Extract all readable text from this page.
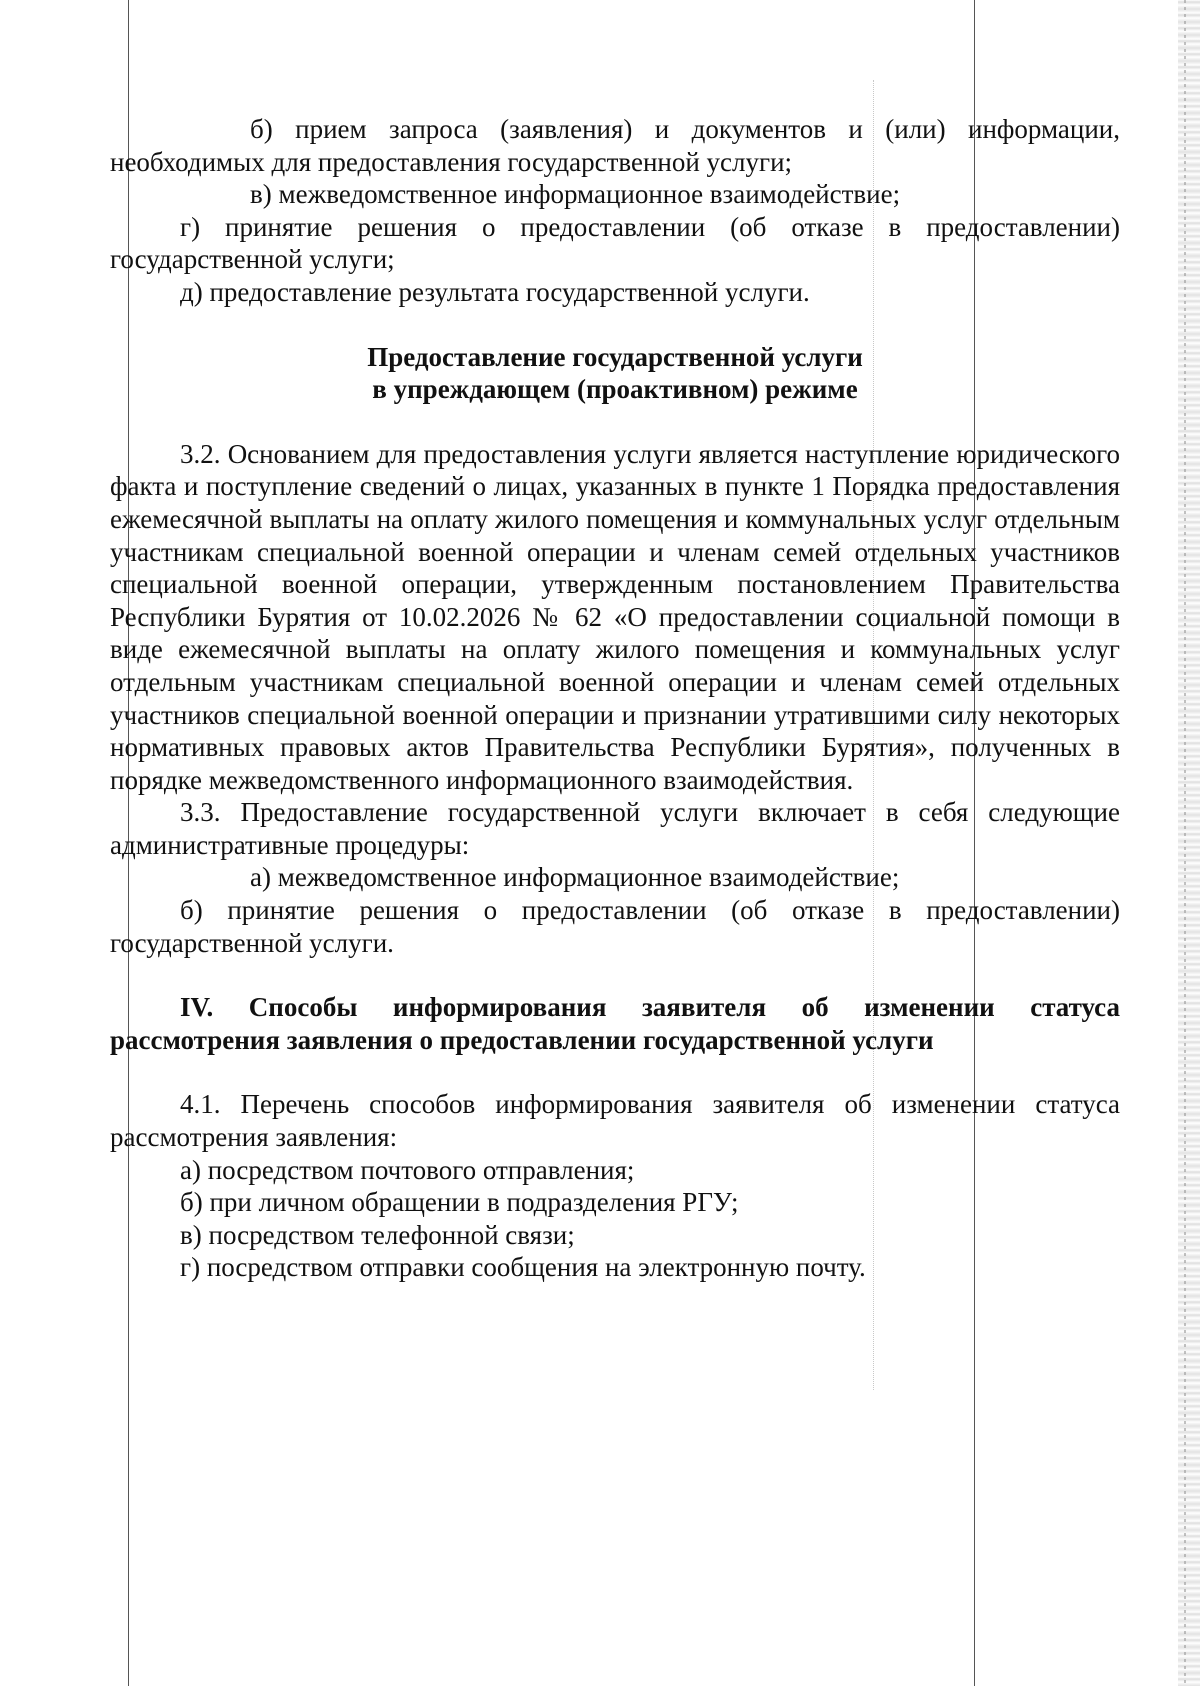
б) прием запроса (заявления) и документов и (или) информации, необходимых для предоставления государственной услуги;

в) межведомственное информационное взаимодействие;

г) принятие решения о предоставлении (об отказе в предоставлении) государственной услуги;

д) предоставление результата государственной услуги.

Предоставление государственной услуги

в упреждающем (проактивном) режиме

3.2. Основанием для предоставления услуги является наступление юридического факта и поступление сведений о лицах, указанных в пункте 1 Порядка предоставления ежемесячной выплаты на оплату жилого помещения и коммунальных услуг отдельным участникам специальной военной операции и членам семей отдельных участников специальной военной операции, утвержденным постановлением Правительства Республики Бурятия от 10.02.2026 № 62 «О предоставлении социальной помощи в виде ежемесячной выплаты на оплату жилого помещения и коммунальных услуг отдельным участникам специальной военной операции и членам семей отдельных участников специальной военной операции и признании утратившими силу некоторых нормативных правовых актов Правительства Республики Бурятия», полученных в порядке межведомственного информационного взаимодействия.

3.3. Предоставление государственной услуги включает в себя следующие административные процедуры:

а) межведомственное информационное взаимодействие;

б) принятие решения о предоставлении (об отказе в предоставлении) государственной услуги.

IV. Способы информирования заявителя об изменении статуса рассмотрения заявления о предоставлении государственной услуги

4.1. Перечень способов информирования заявителя об изменении статуса рассмотрения заявления:

а) посредством почтового отправления;

б) при личном обращении в подразделения РГУ;

в) посредством телефонной связи;

г) посредством отправки сообщения на электронную почту.
